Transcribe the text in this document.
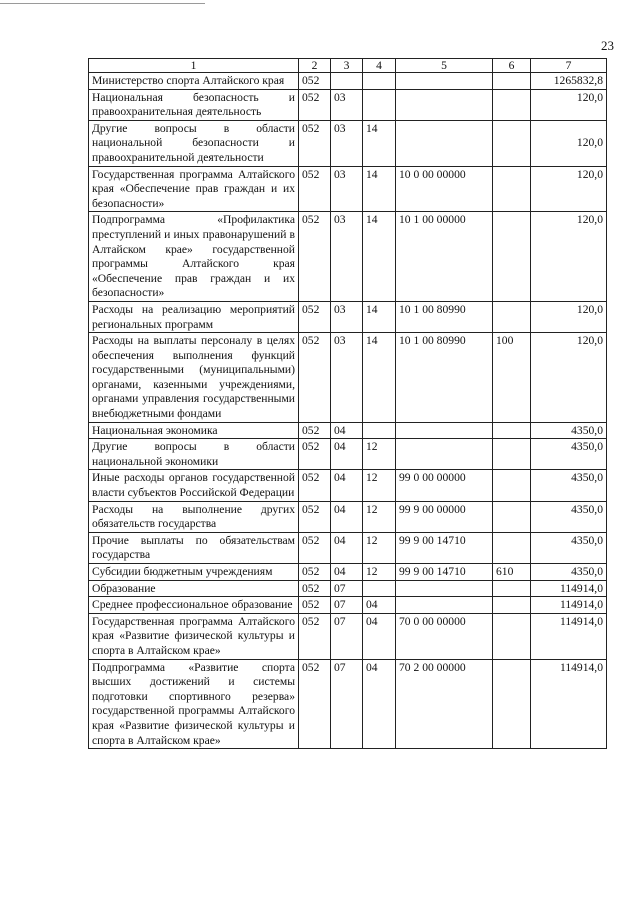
23
1	2	3	4	5	6	7
Министерство спорта Алтайского края	052					1265832,8
Национальная безопасность и правоохранительная деятельность	052	03				120,0
Другие вопросы в области национальной безопасности и правоохранительной деятельности	052	03	14			120,0
Государственная программа Алтайского края «Обеспечение прав граждан и их безопасности»	052	03	14	10 0 00 00000		120,0
Подпрограмма «Профилактика преступлений и иных правонарушений в Алтайском крае» государственной программы Алтайского края «Обеспечение прав граждан и их безопасности»	052	03	14	10 1 00 00000		120,0
Расходы на реализацию мероприятий региональных программ	052	03	14	10 1 00 80990		120,0
Расходы на выплаты персоналу в целях обеспечения выполнения функций государственными (муниципальными) органами, казенными учреждениями, органами управления государственными внебюджетными фондами	052	03	14	10 1 00 80990	100	120,0
Национальная экономика	052	04				4350,0
Другие вопросы в области национальной экономики	052	04	12			4350,0
Иные расходы органов государственной власти субъектов Российской Федерации	052	04	12	99 0 00 00000		4350,0
Расходы на выполнение других обязательств государства	052	04	12	99 9 00 00000		4350,0
Прочие выплаты по обязательствам государства	052	04	12	99 9 00 14710		4350,0
Субсидии бюджетным учреждениям	052	04	12	99 9 00 14710	610	4350,0
Образование	052	07				114914,0
Среднее профессиональное образование	052	07	04			114914,0
Государственная программа Алтайского края «Развитие физической культуры и спорта в Алтайском крае»	052	07	04	70 0 00 00000		114914,0
Подпрограмма «Развитие спорта высших достижений и системы подготовки спортивного резерва» государственной программы Алтайского края «Развитие физической культуры и спорта в Алтайском крае»	052	07	04	70 2 00 00000		114914,0
